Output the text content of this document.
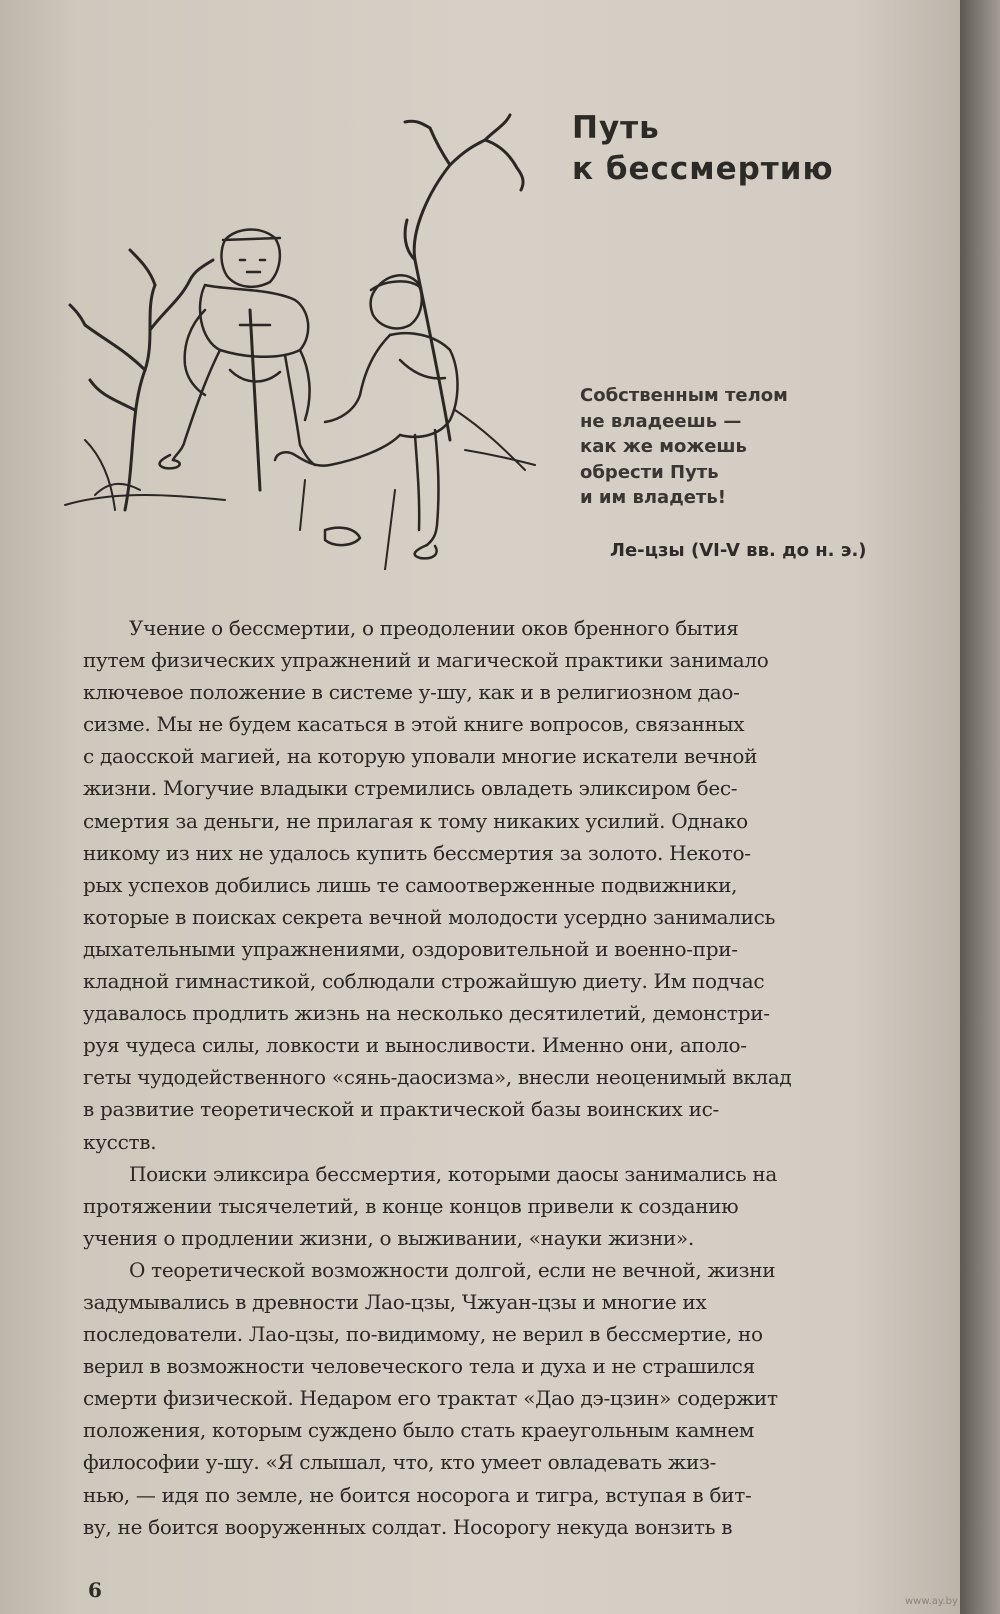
Путь
к бессмертию
Собственным телом
не владеешь —
как же можешь
обрести Путь
и им владеть!
Ле-цзы (VI-V вв. до н. э.)
Учение о бессмертии, о преодолении оков бренного бытия
путем физических упражнений и магической практики занимало
ключевое положение в системе у-шу, как и в религиозном дао-
сизме. Мы не будем касаться в этой книге вопросов, связанных
с даосской магией, на которую уповали многие искатели вечной
жизни. Могучие владыки стремились овладеть эликсиром бес-
смертия за деньги, не прилагая к тому никаких усилий. Однако
никому из них не удалось купить бессмертия за золото. Некото-
рых успехов добились лишь те самоотверженные подвижники,
которые в поисках секрета вечной молодости усердно занимались
дыхательными упражнениями, оздоровительной и военно-при-
кладной гимнастикой, соблюдали строжайшую диету. Им подчас
удавалось продлить жизнь на несколько десятилетий, демонстри-
руя чудеса силы, ловкости и выносливости. Именно они, аполо-
геты чудодейственного «сянь-даосизма», внесли неоценимый вклад
в развитие теоретической и практической базы воинских ис-
кусств.
Поиски эликсира бессмертия, которыми даосы занимались на
протяжении тысячелетий, в конце концов привели к созданию
учения о продлении жизни, о выживании, «науки жизни».
О теоретической возможности долгой, если не вечной, жизни
задумывались в древности Лао-цзы, Чжуан-цзы и многие их
последователи. Лао-цзы, по-видимому, не верил в бессмертие, но
верил в возможности человеческого тела и духа и не страшился
смерти физической. Недаром его трактат «Дао дэ-цзин» содержит
положения, которым суждено было стать краеугольным камнем
философии у-шу. «Я слышал, что, кто умеет овладевать жиз-
нью, — идя по земле, не боится носорога и тигра, вступая в бит-
ву, не боится вооруженных солдат. Носорогу некуда вонзить в
6	www.ay.by
